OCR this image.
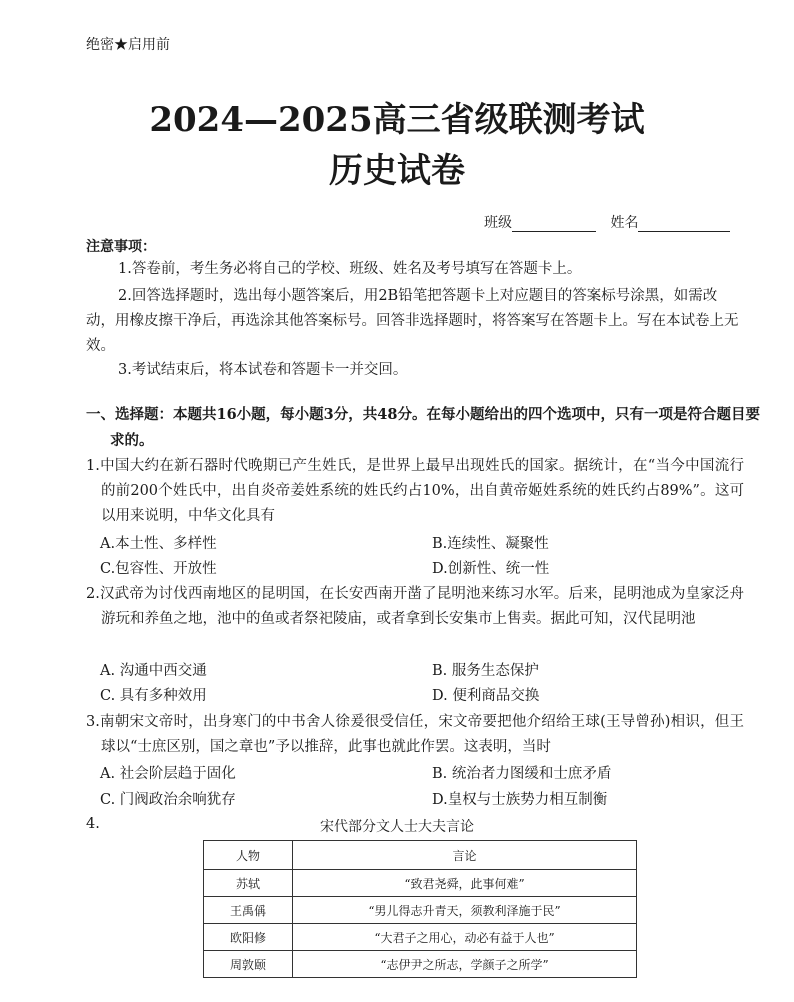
绝密★启用前
2024—2025高三省级联测考试
历史试卷
班级	姓名
注意事项：
1.答卷前，考生务必将自己的学校、班级、姓名及考号填写在答题卡上。
2.回答选择题时，选出每小题答案后，用2B铅笔把答题卡上对应题目的答案标号涂黑，如需改动，用橡皮擦干净后，再选涂其他答案标号。回答非选择题时，将答案写在答题卡上。写在本试卷上无效。
3.考试结束后，将本试卷和答题卡一并交回。
一、选择题：本题共16小题，每小题3分，共48分。在每小题给出的四个选项中，只有一项是符合题目要求的。
1.中国大约在新石器时代晚期已产生姓氏，是世界上最早出现姓氏的国家。据统计，在“当今中国流行的前200个姓氏中，出自炎帝姜姓系统的姓氏约占10%，出自黄帝姬姓系统的姓氏约占89%”。这可以用来说明，中华文化具有
A.本土性、多样性	B.连续性、凝聚性
C.包容性、开放性	D.创新性、统一性
2.汉武帝为讨伐西南地区的昆明国，在长安西南开凿了昆明池来练习水军。后来，昆明池成为皇家泛舟游玩和养鱼之地，池中的鱼或者祭祀陵庙，或者拿到长安集市上售卖。据此可知，汉代昆明池
A. 沟通中西交通	B. 服务生态保护
C. 具有多种效用	D. 便利商品交换
3.南朝宋文帝时，出身寒门的中书舍人徐爰很受信任，宋文帝要把他介绍给王球(王导曾孙)相识，但王球以“士庶区别，国之章也”予以推辞，此事也就此作罢。这表明，当时
A. 社会阶层趋于固化	B. 统治者力图缓和士庶矛盾
C. 门阀政治余响犹存	D.皇权与士族势力相互制衡
4.	宋代部分文人士大夫言论
人物	言论
苏轼	“致君尧舜，此事何难”
王禹偁	“男儿得志升青天，须教利泽施于民”
欧阳修	“大君子之用心，动必有益于人也”
周敦颐	“志伊尹之所志，学颜子之所学”
